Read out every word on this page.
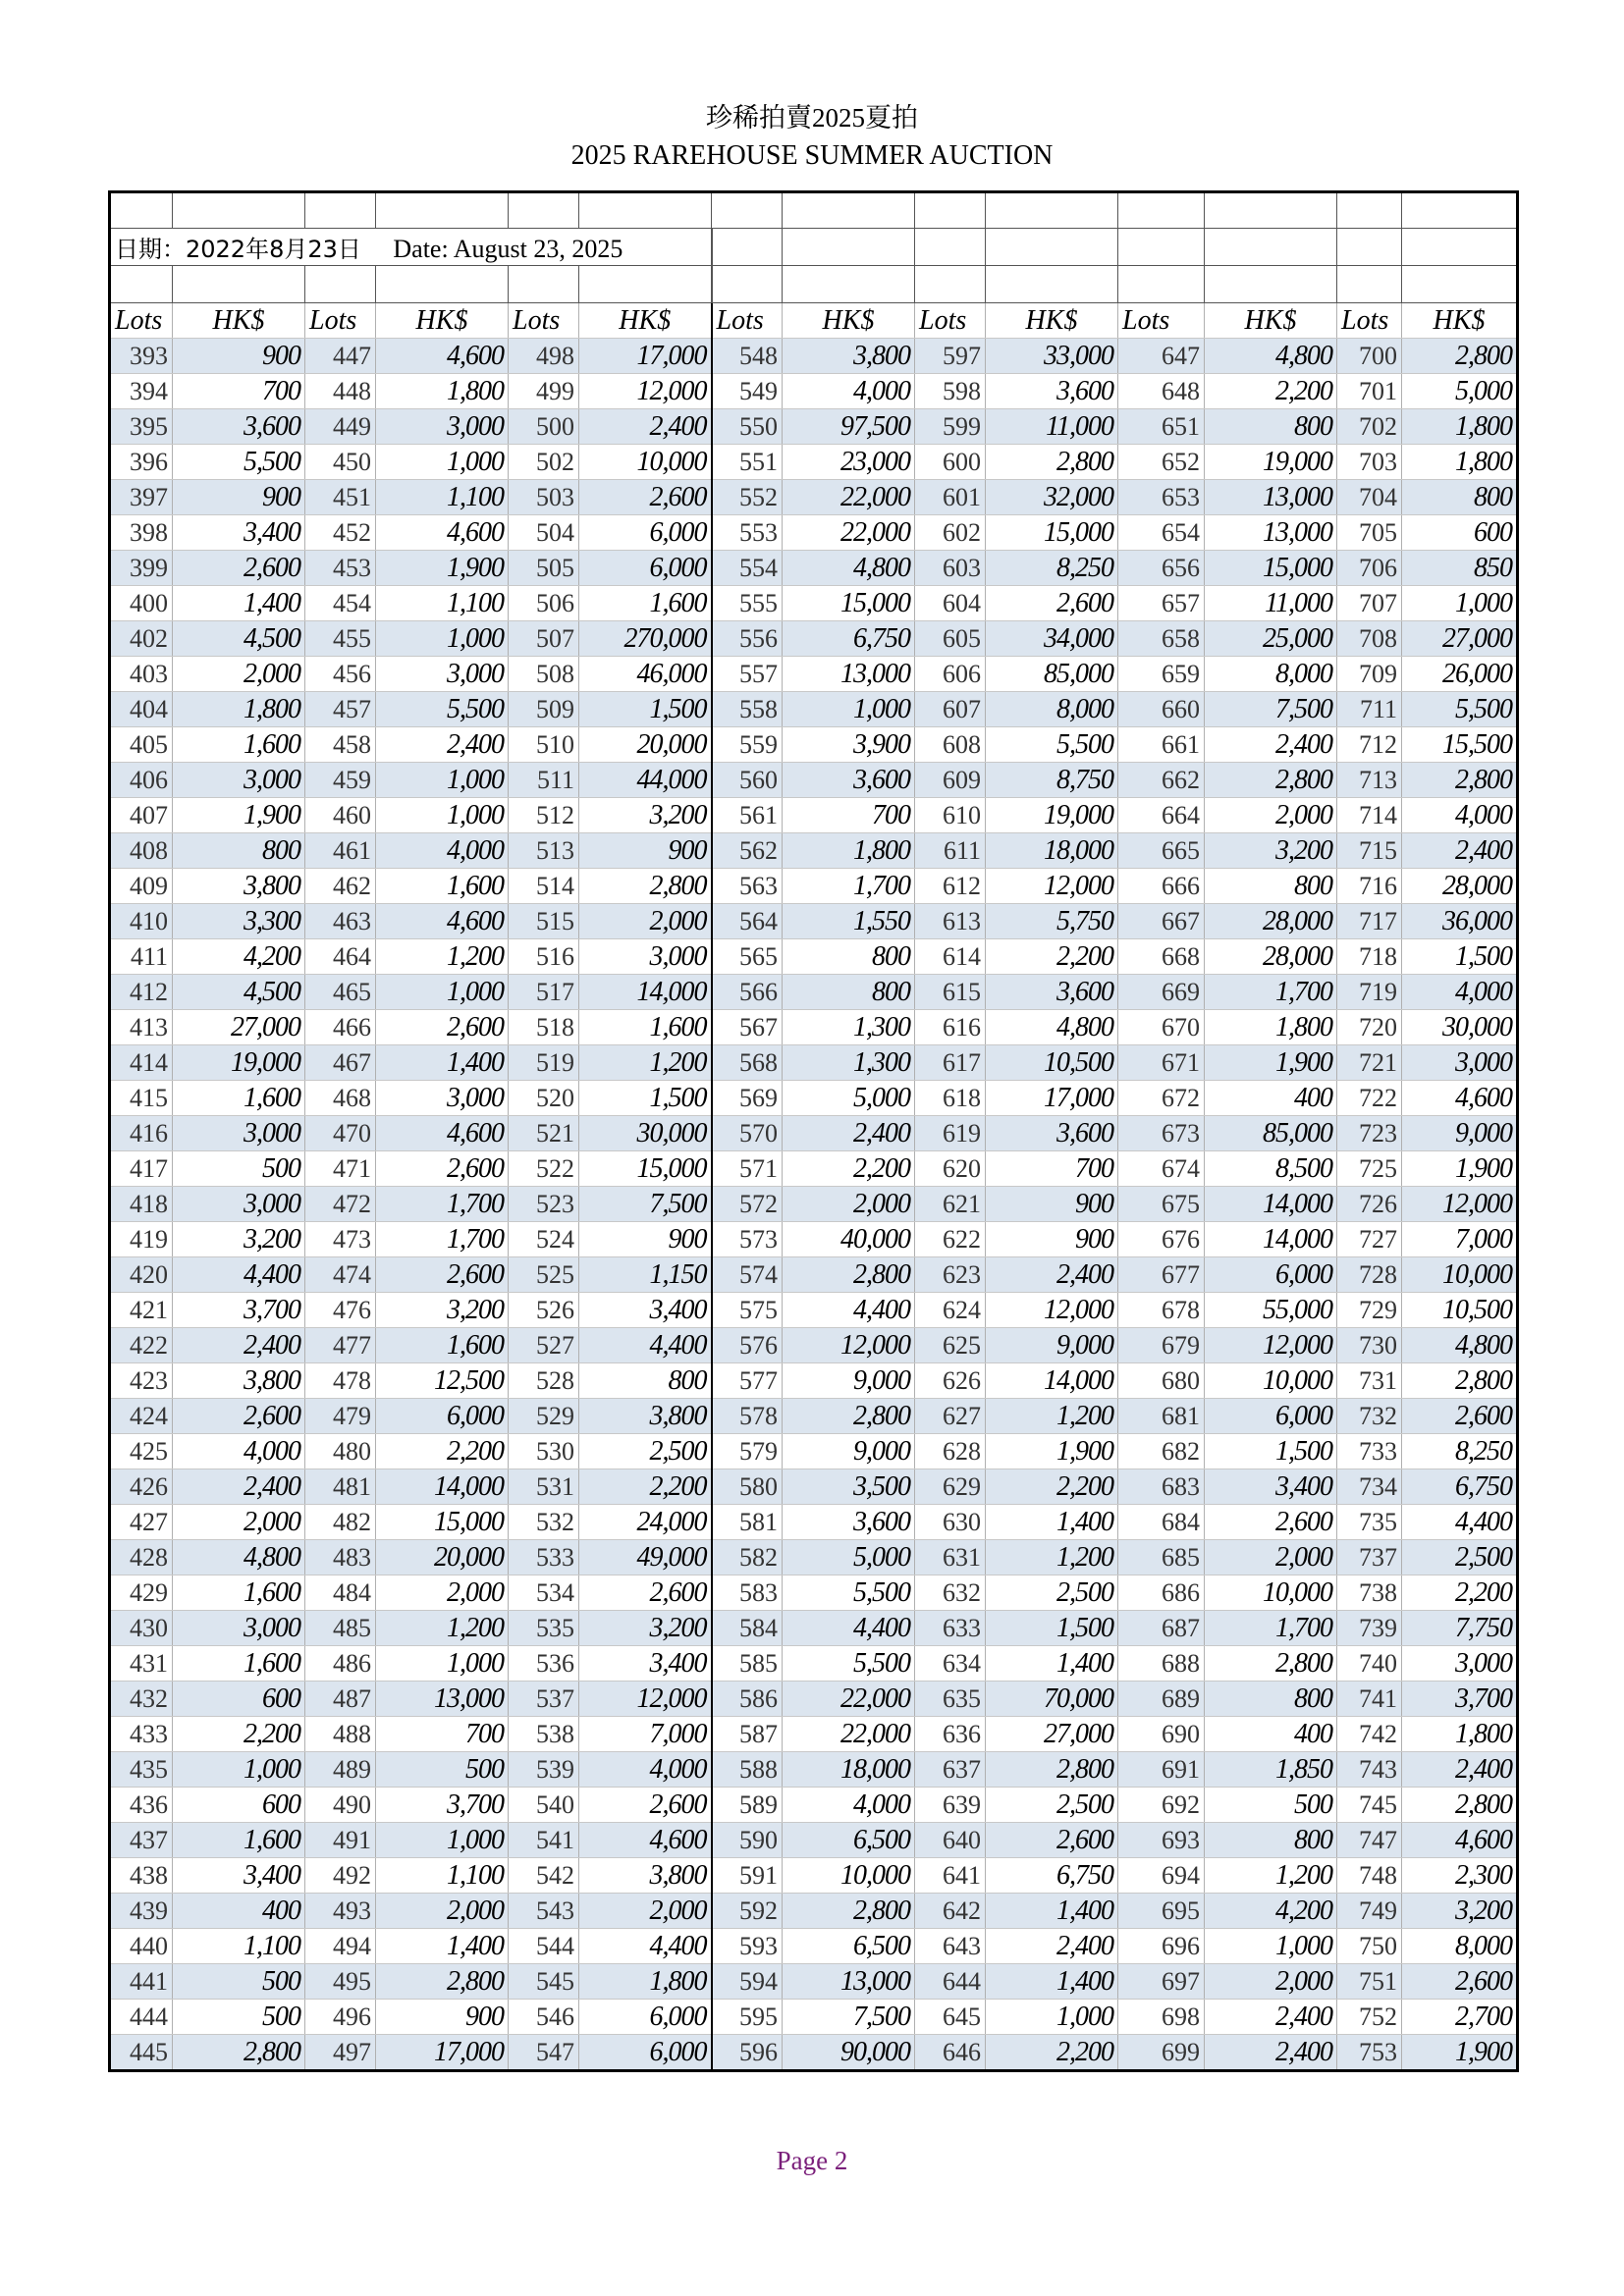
珍稀拍賣2025夏拍
2025 RAREHOUSE SUMMER AUCTION

日期：2022年8月23日 Date: August 23, 2025													

Lots	HK$	Lots	HK$	Lots	HK$	Lots	HK$	Lots	HK$	Lots	HK$	Lots	HK$
393	900	447	4,600	498	17,000	548	3,800	597	33,000	647	4,800	700	2,800
394	700	448	1,800	499	12,000	549	4,000	598	3,600	648	2,200	701	5,000
395	3,600	449	3,000	500	2,400	550	97,500	599	11,000	651	800	702	1,800
396	5,500	450	1,000	502	10,000	551	23,000	600	2,800	652	19,000	703	1,800
397	900	451	1,100	503	2,600	552	22,000	601	32,000	653	13,000	704	800
398	3,400	452	4,600	504	6,000	553	22,000	602	15,000	654	13,000	705	600
399	2,600	453	1,900	505	6,000	554	4,800	603	8,250	656	15,000	706	850
400	1,400	454	1,100	506	1,600	555	15,000	604	2,600	657	11,000	707	1,000
402	4,500	455	1,000	507	270,000	556	6,750	605	34,000	658	25,000	708	27,000
403	2,000	456	3,000	508	46,000	557	13,000	606	85,000	659	8,000	709	26,000
404	1,800	457	5,500	509	1,500	558	1,000	607	8,000	660	7,500	711	5,500
405	1,600	458	2,400	510	20,000	559	3,900	608	5,500	661	2,400	712	15,500
406	3,000	459	1,000	511	44,000	560	3,600	609	8,750	662	2,800	713	2,800
407	1,900	460	1,000	512	3,200	561	700	610	19,000	664	2,000	714	4,000
408	800	461	4,000	513	900	562	1,800	611	18,000	665	3,200	715	2,400
409	3,800	462	1,600	514	2,800	563	1,700	612	12,000	666	800	716	28,000
410	3,300	463	4,600	515	2,000	564	1,550	613	5,750	667	28,000	717	36,000
411	4,200	464	1,200	516	3,000	565	800	614	2,200	668	28,000	718	1,500
412	4,500	465	1,000	517	14,000	566	800	615	3,600	669	1,700	719	4,000
413	27,000	466	2,600	518	1,600	567	1,300	616	4,800	670	1,800	720	30,000
414	19,000	467	1,400	519	1,200	568	1,300	617	10,500	671	1,900	721	3,000
415	1,600	468	3,000	520	1,500	569	5,000	618	17,000	672	400	722	4,600
416	3,000	470	4,600	521	30,000	570	2,400	619	3,600	673	85,000	723	9,000
417	500	471	2,600	522	15,000	571	2,200	620	700	674	8,500	725	1,900
418	3,000	472	1,700	523	7,500	572	2,000	621	900	675	14,000	726	12,000
419	3,200	473	1,700	524	900	573	40,000	622	900	676	14,000	727	7,000
420	4,400	474	2,600	525	1,150	574	2,800	623	2,400	677	6,000	728	10,000
421	3,700	476	3,200	526	3,400	575	4,400	624	12,000	678	55,000	729	10,500
422	2,400	477	1,600	527	4,400	576	12,000	625	9,000	679	12,000	730	4,800
423	3,800	478	12,500	528	800	577	9,000	626	14,000	680	10,000	731	2,800
424	2,600	479	6,000	529	3,800	578	2,800	627	1,200	681	6,000	732	2,600
425	4,000	480	2,200	530	2,500	579	9,000	628	1,900	682	1,500	733	8,250
426	2,400	481	14,000	531	2,200	580	3,500	629	2,200	683	3,400	734	6,750
427	2,000	482	15,000	532	24,000	581	3,600	630	1,400	684	2,600	735	4,400
428	4,800	483	20,000	533	49,000	582	5,000	631	1,200	685	2,000	737	2,500
429	1,600	484	2,000	534	2,600	583	5,500	632	2,500	686	10,000	738	2,200
430	3,000	485	1,200	535	3,200	584	4,400	633	1,500	687	1,700	739	7,750
431	1,600	486	1,000	536	3,400	585	5,500	634	1,400	688	2,800	740	3,000
432	600	487	13,000	537	12,000	586	22,000	635	70,000	689	800	741	3,700
433	2,200	488	700	538	7,000	587	22,000	636	27,000	690	400	742	1,800
435	1,000	489	500	539	4,000	588	18,000	637	2,800	691	1,850	743	2,400
436	600	490	3,700	540	2,600	589	4,000	639	2,500	692	500	745	2,800
437	1,600	491	1,000	541	4,600	590	6,500	640	2,600	693	800	747	4,600
438	3,400	492	1,100	542	3,800	591	10,000	641	6,750	694	1,200	748	2,300
439	400	493	2,000	543	2,000	592	2,800	642	1,400	695	4,200	749	3,200
440	1,100	494	1,400	544	4,400	593	6,500	643	2,400	696	1,000	750	8,000
441	500	495	2,800	545	1,800	594	13,000	644	1,400	697	2,000	751	2,600
444	500	496	900	546	6,000	595	7,500	645	1,000	698	2,400	752	2,700
445	2,800	497	17,000	547	6,000	596	90,000	646	2,200	699	2,400	753	1,900
Page 2
